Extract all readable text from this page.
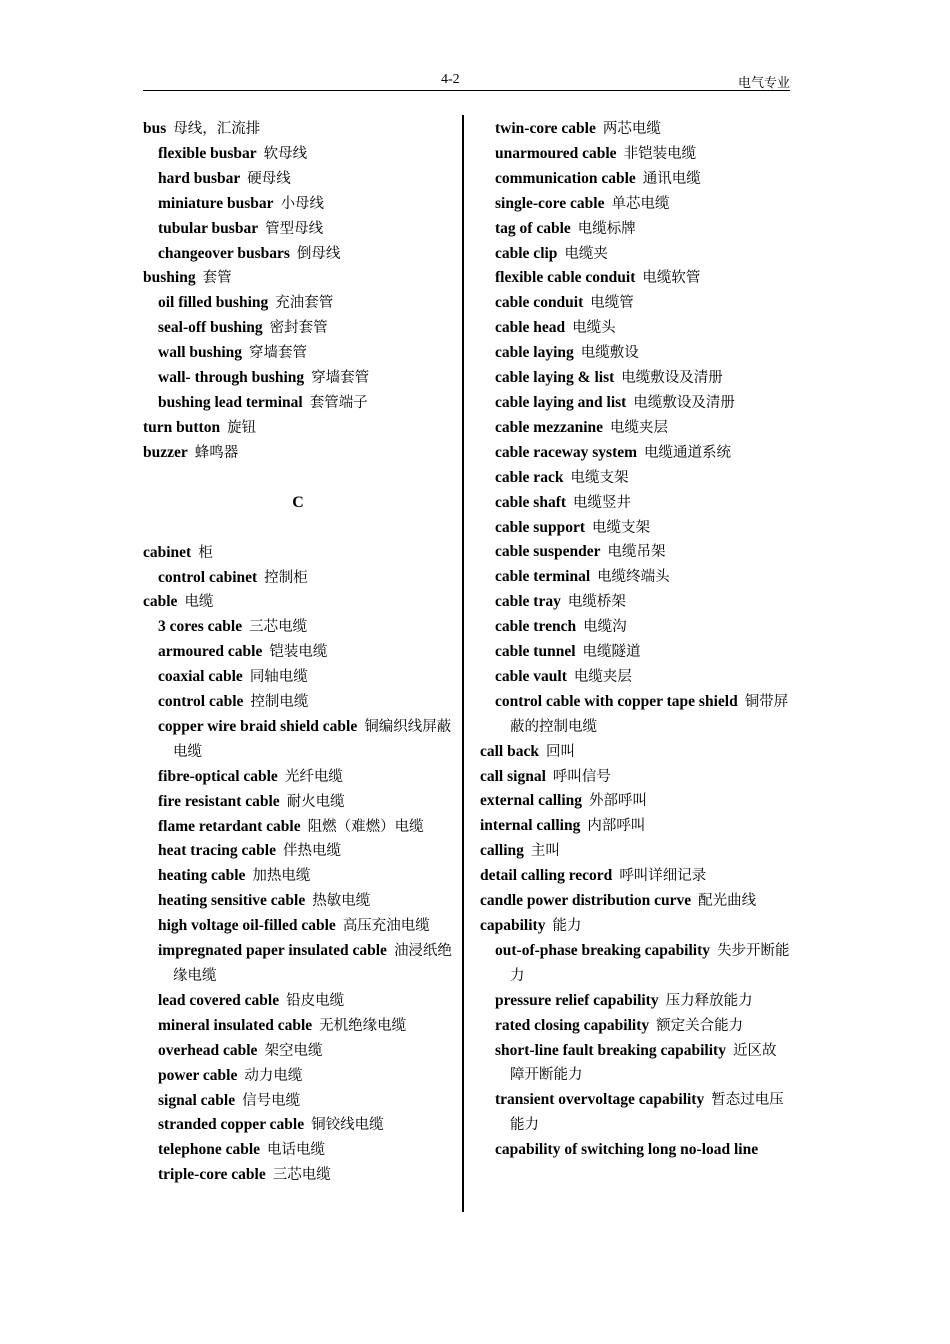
4-2	电气专业
bus 母线，汇流排
flexible busbar 软母线
hard busbar 硬母线
miniature busbar 小母线
tubular busbar 管型母线
changeover busbars 倒母线
bushing 套管
oil filled bushing 充油套管
seal-off bushing 密封套管
wall bushing 穿墙套管
wall- through bushing 穿墙套管
bushing lead terminal 套管端子
turn button 旋钮
buzzer 蜂鸣器
C
cabinet 柜
control cabinet 控制柜
cable 电缆
3 cores cable 三芯电缆
armoured cable 铠装电缆
coaxial cable 同轴电缆
control cable 控制电缆
copper wire braid shield cable 铜编织线屏蔽电缆
fibre-optical cable 光纤电缆
fire resistant cable 耐火电缆
flame retardant cable 阻燃（难燃）电缆
heat tracing cable 伴热电缆
heating cable 加热电缆
heating sensitive cable 热敏电缆
high voltage oil-filled cable 高压充油电缆
impregnated paper insulated cable 油浸纸绝缘电缆
lead covered cable 铅皮电缆
mineral insulated cable 无机绝缘电缆
overhead cable 架空电缆
power cable 动力电缆
signal cable 信号电缆
stranded copper cable 铜铰线电缆
telephone cable 电话电缆
triple-core cable 三芯电缆
twin-core cable 两芯电缆
unarmoured cable 非铠装电缆
communication cable 通讯电缆
single-core cable 单芯电缆
tag of cable 电缆标牌
cable clip 电缆夹
flexible cable conduit 电缆软管
cable conduit 电缆管
cable head 电缆头
cable laying 电缆敷设
cable laying & list 电缆敷设及清册
cable laying and list 电缆敷设及清册
cable mezzanine 电缆夹层
cable raceway system 电缆通道系统
cable rack 电缆支架
cable shaft 电缆竖井
cable support 电缆支架
cable suspender 电缆吊架
cable terminal 电缆终端头
cable tray 电缆桥架
cable trench 电缆沟
cable tunnel 电缆隧道
cable vault 电缆夹层
control cable with copper tape shield 铜带屏蔽的控制电缆
call back 回叫
call signal 呼叫信号
external calling 外部呼叫
internal calling 内部呼叫
calling 主叫
detail calling record 呼叫详细记录
candle power distribution curve 配光曲线
capability 能力
out-of-phase breaking capability 失步开断能力
pressure relief capability 压力释放能力
rated closing capability 额定关合能力
short-line fault breaking capability 近区故障开断能力
transient overvoltage capability 暂态过电压能力
capability of switching long no-load line
